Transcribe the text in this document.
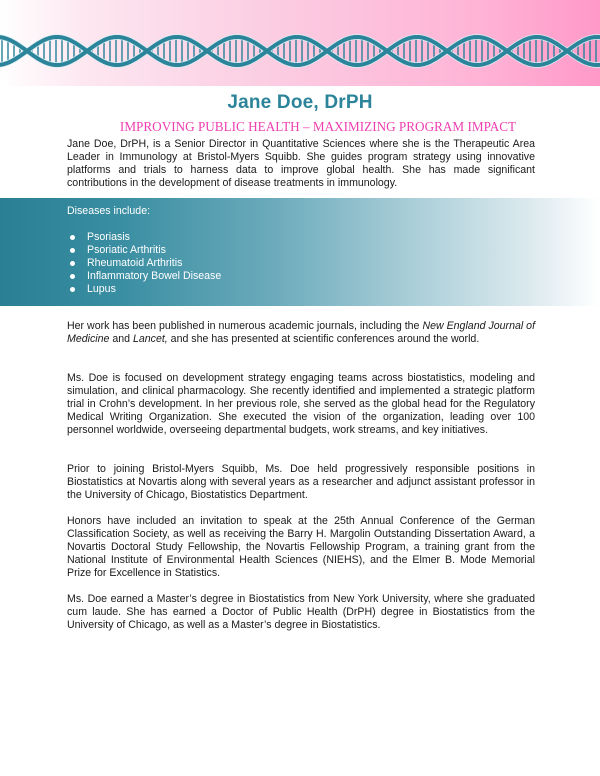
Jane Doe, DrPH
IMPROVING PUBLIC HEALTH – MAXIMIZING PROGRAM IMPACT
Jane Doe, DrPH, is a Senior Director in Quantitative Sciences where she is the Therapeutic Area Leader in Immunology at Bristol-Myers Squibb. She guides program strategy using innovative platforms and trials to harness data to improve global health. She has made significant contributions in the development of disease treatments in immunology.
Diseases include:
Psoriasis
Psoriatic Arthritis
Rheumatoid Arthritis
Inflammatory Bowel Disease
Lupus
Her work has been published in numerous academic journals, including the New England Journal of Medicine and Lancet, and she has presented at scientific conferences around the world.
Ms. Doe is focused on development strategy engaging teams across biostatistics, modeling and simulation, and clinical pharmacology. She recently identified and implemented a strategic platform trial in Crohn’s development. In her previous role, she served as the global head for the Regulatory Medical Writing Organization. She executed the vision of the organization, leading over 100 personnel worldwide, overseeing departmental budgets, work streams, and key initiatives.
Prior to joining Bristol-Myers Squibb, Ms. Doe held progressively responsible positions in Biostatistics at Novartis along with several years as a researcher and adjunct assistant professor in the University of Chicago, Biostatistics Department.
Honors have included an invitation to speak at the 25th Annual Conference of the German Classification Society, as well as receiving the Barry H. Margolin Outstanding Dissertation Award, a Novartis Doctoral Study Fellowship, the Novartis Fellowship Program, a training grant from the National Institute of Environmental Health Sciences (NIEHS), and the Elmer B. Mode Memorial Prize for Excellence in Statistics.
Ms. Doe earned a Master’s degree in Biostatistics from New York University, where she graduated cum laude. She has earned a Doctor of Public Health (DrPH) degree in Biostatistics from the University of Chicago, as well as a Master’s degree in Biostatistics.
